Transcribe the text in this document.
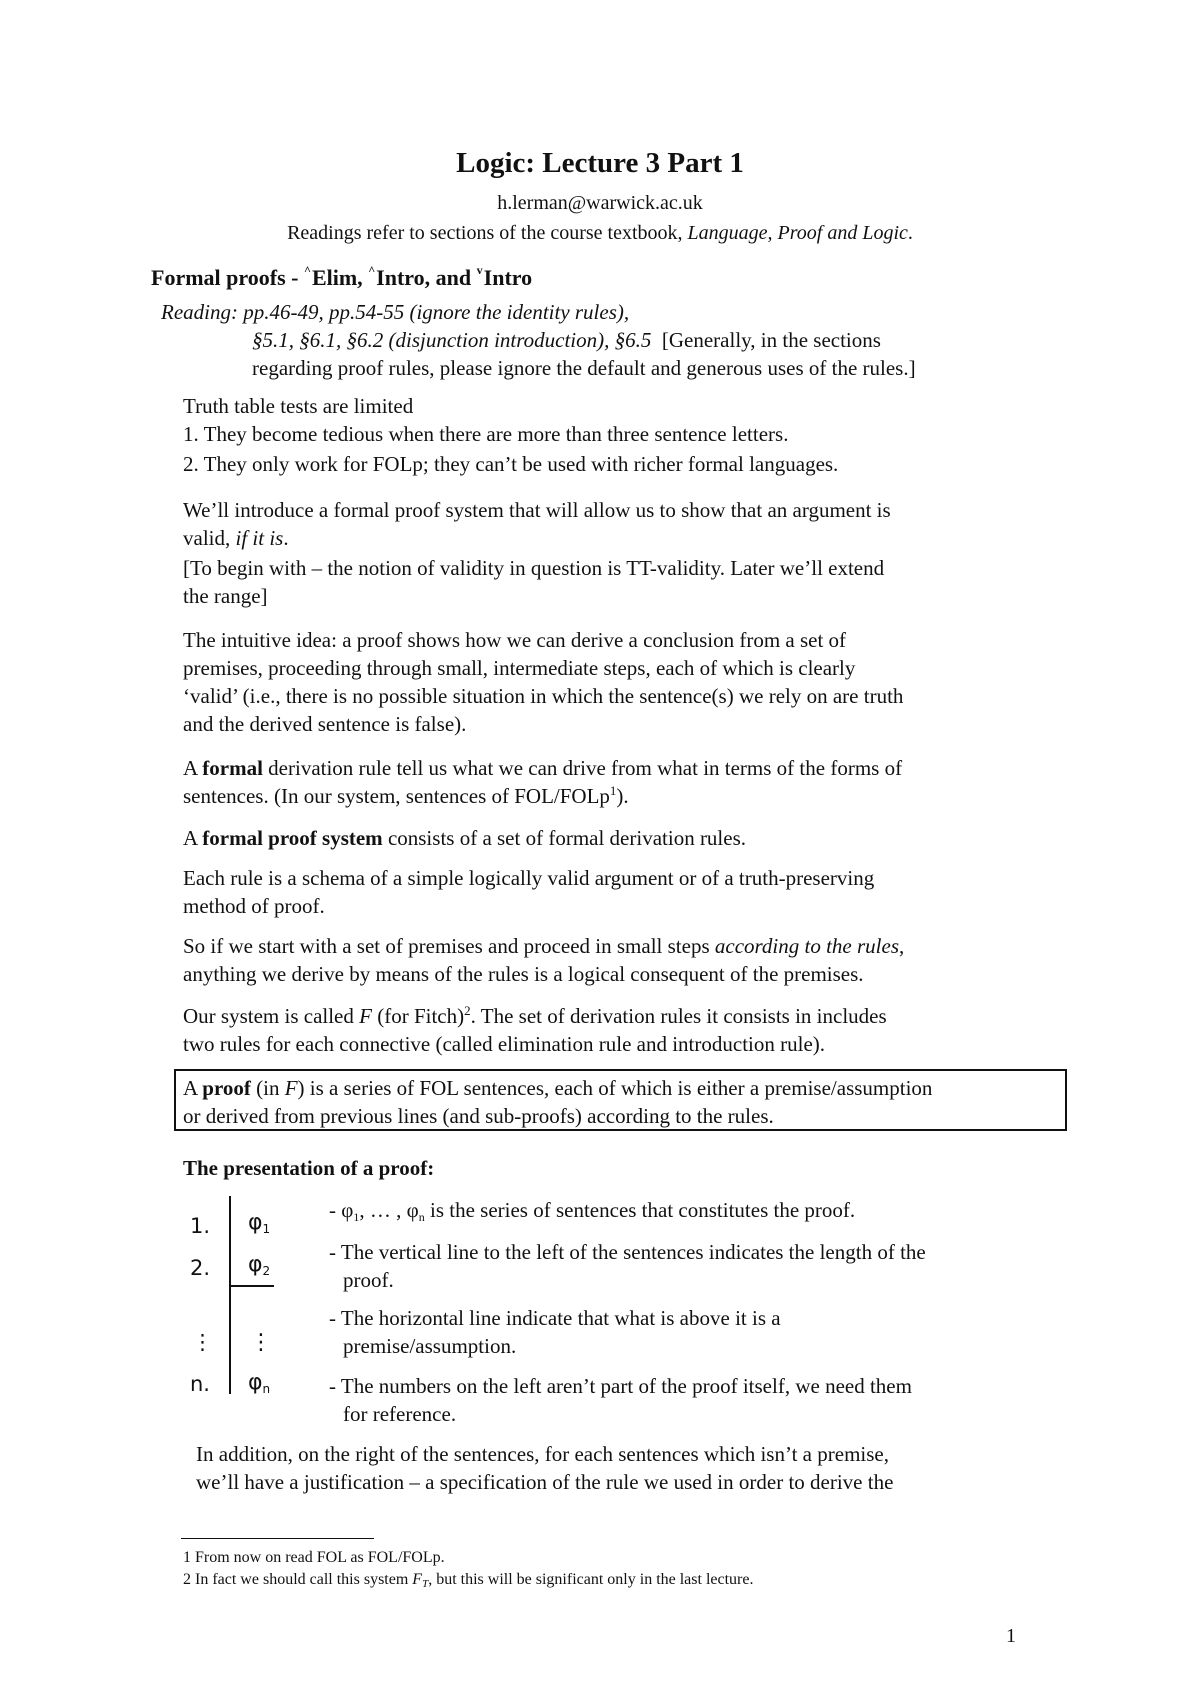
Logic: Lecture 3 Part 1
h.lerman@warwick.ac.uk
Readings refer to sections of the course textbook, Language, Proof and Logic.
Formal proofs - ^Elim, ^Intro, and $^v$Intro
Reading: pp.46-49, pp.54-55 (ignore the identity rules),
§5.1, §6.1, §6.2 (disjunction introduction), §6.5 [Generally, in the sections
regarding proof rules, please ignore the default and generous uses of the rules.]
Truth table tests are limited
1. They become tedious when there are more than three sentence letters.
2. They only work for FOLp; they can’t be used with richer formal languages.
We’ll introduce a formal proof system that will allow us to show that an argument is
valid, if it is.
[To begin with – the notion of validity in question is TT-validity. Later we’ll extend
the range]
The intuitive idea: a proof shows how we can derive a conclusion from a set of
premises, proceeding through small, intermediate steps, each of which is clearly
‘valid’ (i.e., there is no possible situation in which the sentence(s) we rely on are truth
and the derived sentence is false).
A formal derivation rule tell us what we can drive from what in terms of the forms of
sentences. (In our system, sentences of FOL/FOLp$^1$).
A formal proof system consists of a set of formal derivation rules.
Each rule is a schema of a simple logically valid argument or of a truth-preserving
method of proof.
So if we start with a set of premises and proceed in small steps according to the rules,
anything we derive by means of the rules is a logical consequent of the premises.
Our system is called F (for Fitch)$^2$. The set of derivation rules it consists in includes
two rules for each connective (called elimination rule and introduction rule).
A proof (in F) is a series of FOL sentences, each of which is either a premise/assumption
or derived from previous lines (and sub-proofs) according to the rules.
The presentation of a proof:
1.
2.
⋮
n.
φ1
φ2
⋮
φn
- φ1, … , φn is the series of sentences that constitutes the proof.
- The vertical line to the left of the sentences indicates the length of the
proof.
- The horizontal line indicate that what is above it is a
premise/assumption.
- The numbers on the left aren’t part of the proof itself, we need them
for reference.
In addition, on the right of the sentences, for each sentences which isn’t a premise,
we’ll have a justification – a specification of the rule we used in order to derive the
1 From now on read FOL as FOL/FOLp.
2 In fact we should call this system FT, but this will be significant only in the last lecture.
1
